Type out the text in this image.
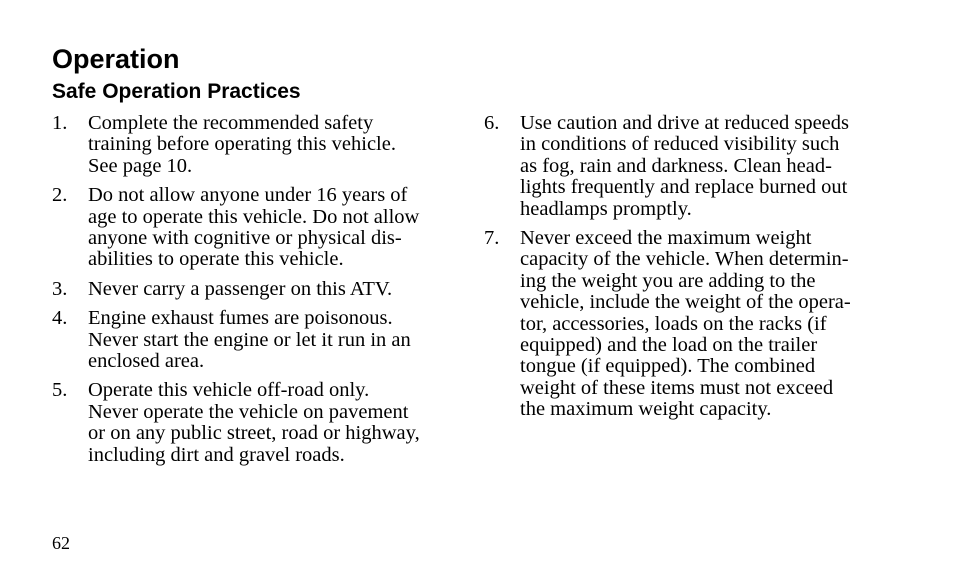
Operation
Safe Operation Practices
1. Complete the recommended safety
training before operating this vehicle.
See page 10.
2. Do not allow anyone under 16 years of
age to operate this vehicle. Do not allow
anyone with cognitive or physical dis-
abilities to operate this vehicle.
3. Never carry a passenger on this ATV.
4. Engine exhaust fumes are poisonous.
Never start the engine or let it run in an
enclosed area.
5. Operate this vehicle off-road only.
Never operate the vehicle on pavement
or on any public street, road or highway,
including dirt and gravel roads.
6. Use caution and drive at reduced speeds
in conditions of reduced visibility such
as fog, rain and darkness. Clean head-
lights frequently and replace burned out
headlamps promptly.
7. Never exceed the maximum weight
capacity of the vehicle. When determin-
ing the weight you are adding to the
vehicle, include the weight of the opera-
tor, accessories, loads on the racks (if
equipped) and the load on the trailer
tongue (if equipped). The combined
weight of these items must not exceed
the maximum weight capacity.
62
